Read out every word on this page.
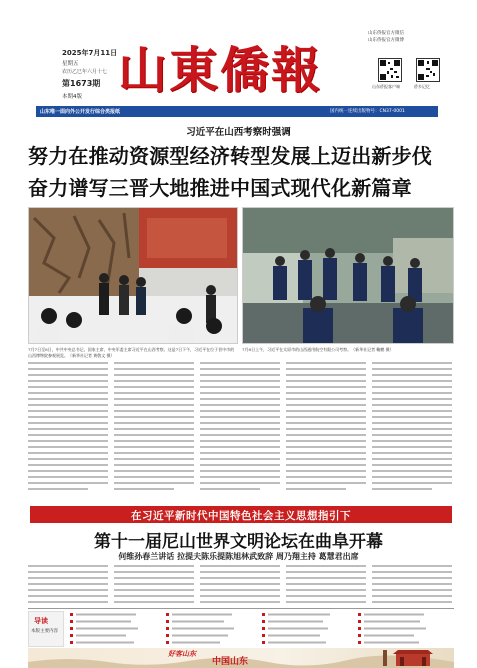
2025年7月11日
星期五
农历乙巳年六月十七
第1673期
本期4版 山東僑報
山东侨报官方微信
山东侨报官方微博
山东侨报客户端	侨乡记忆
山东唯一面向外公开发行综合类报纸	国内统一连续出版物号：CN37-0001
习近平在山西考察时强调
努力在推动资源型经济转型发展上迈出新步伐
奋力谱写三晋大地推进中国式现代化新篇章
7月7日至8日，中共中央总书记、国家主席、中央军委主席习近平在山西考察。这是7日下午，习近平在位于晋中市的山西博物院参观展览。（新华社记者 黄敬文 摄）
7月8日上午，习近平在太原市的山西通用航空有限公司考察。（新华社记者 鞠鹏 摄）
在习近平新时代中国特色社会主义思想指引下
第十一届尼山世界文明论坛在曲阜开幕
何维孙春兰讲话 拉提夫陈乐提陈旭林武致辞 周乃翔主持 葛慧君出席
导读
本版主要内容
好客山东
中国山东
